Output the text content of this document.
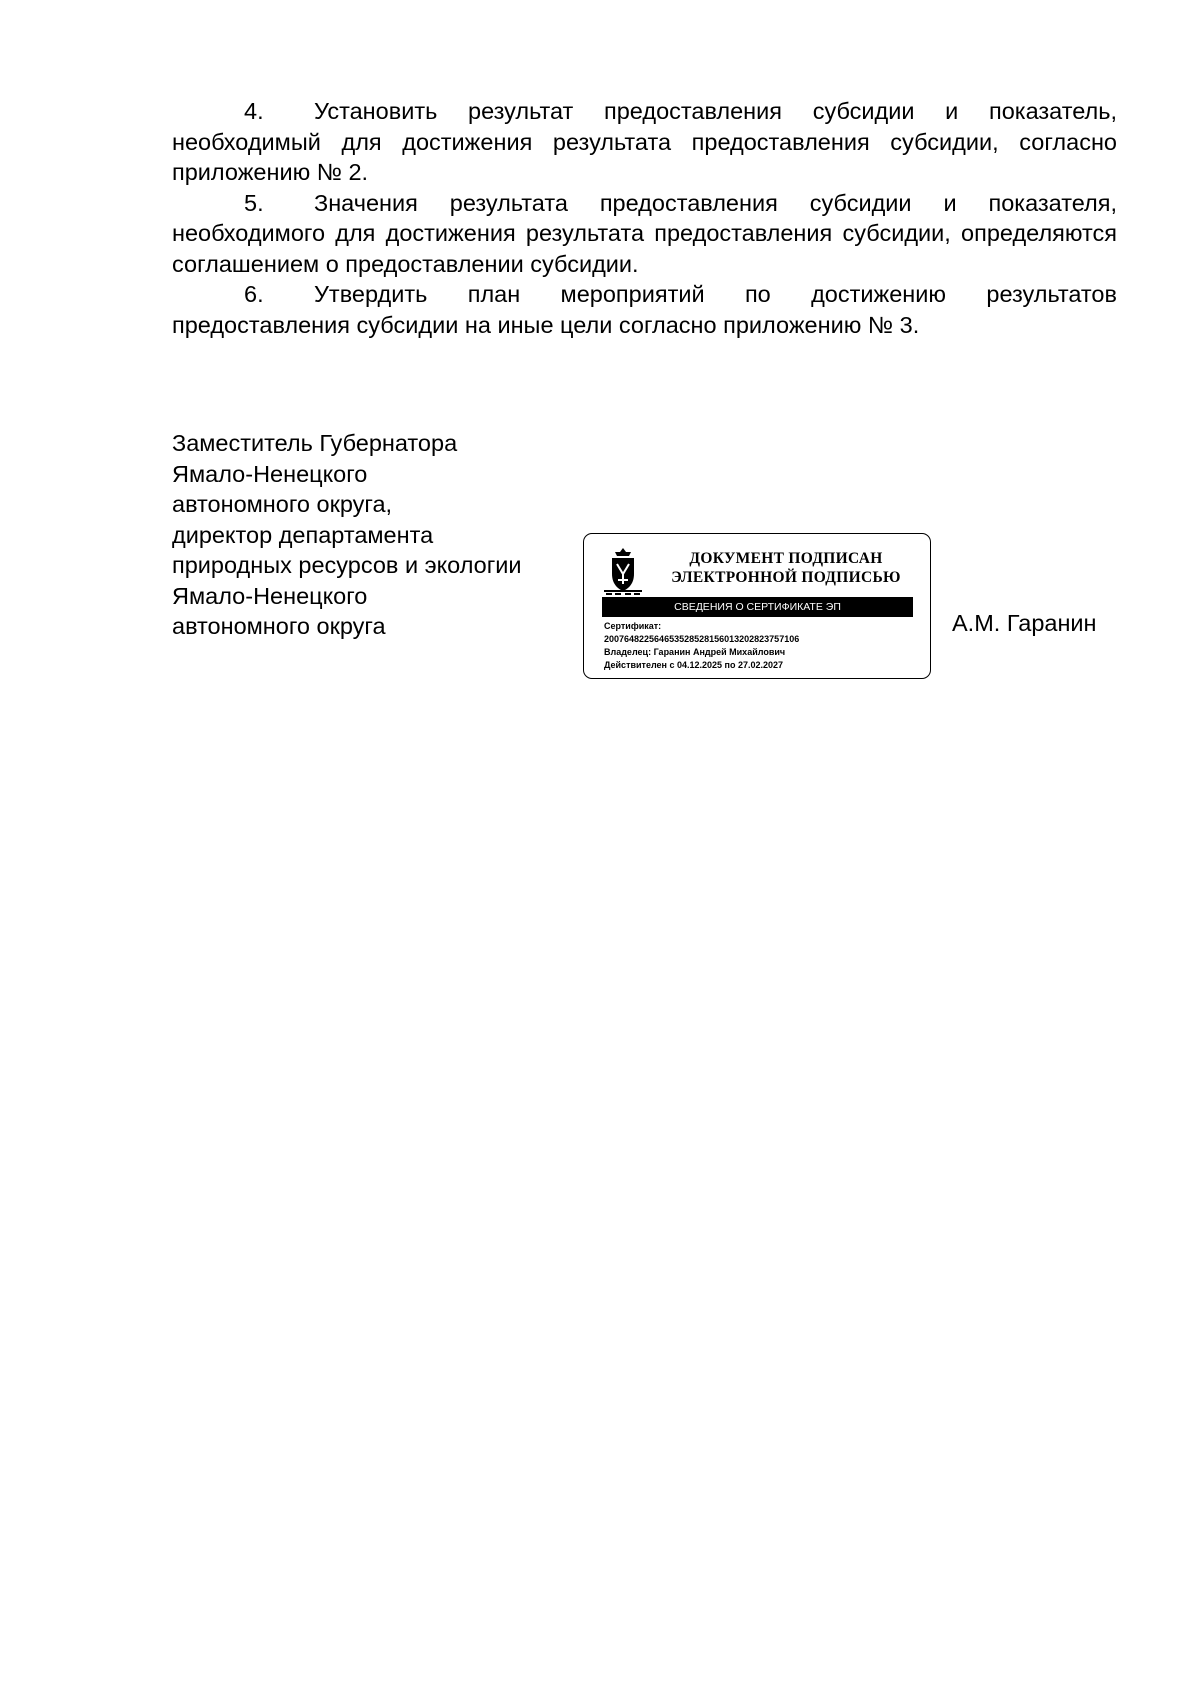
4. Установить результат предоставления субсидии и показатель, необходимый для достижения результата предоставления субсидии, согласно приложению № 2.

5. Значения результата предоставления субсидии и показателя, необходимого для достижения результата предоставления субсидии, определяются соглашением о предоставлении субсидии.

6. Утвердить план мероприятий по достижению результатов предоставления субсидии на иные цели согласно приложению № 3.

Заместитель Губернатора
Ямало-Ненецкого
автономного округа,
директор департамента
природных ресурсов и экологии
Ямало-Ненецкого
автономного округа
ДОКУМЕНТ ПОДПИСАН
ЭЛЕКТРОННОЙ ПОДПИСЬЮ
СВЕДЕНИЯ О СЕРТИФИКАТЕ ЭП
Сертификат:
200764822564653528528156013202823757106
Владелец: Гаранин Андрей Михайлович
Действителен с 04.12.2025 по 27.02.2027
А.М. Гаранин
